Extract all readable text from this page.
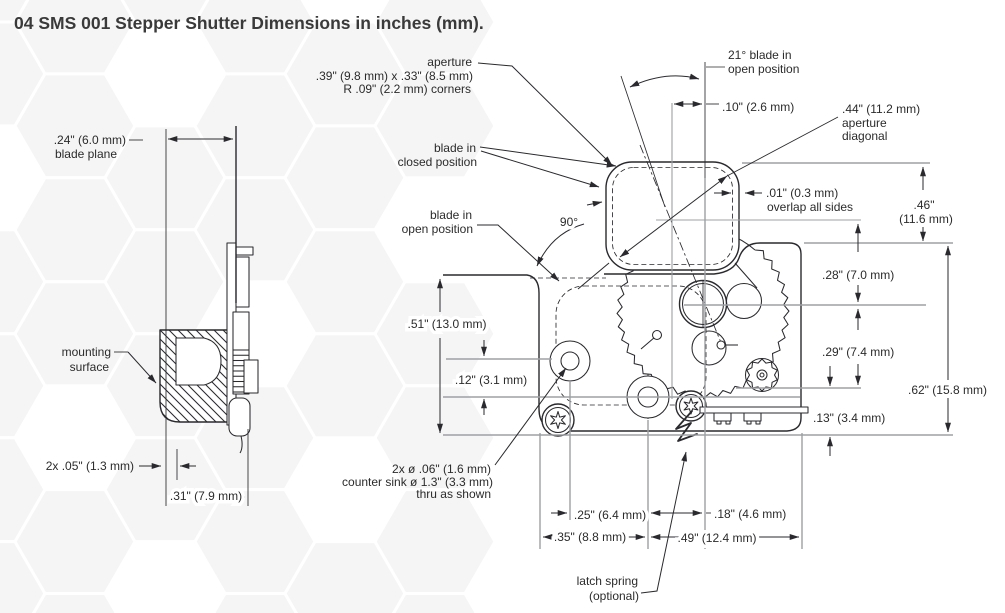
04 SMS 001 Stepper Shutter Dimensions in inches (mm).
.24" (6.0 mm)
blade plane
mounting
surface
2x .05" (1.3 mm)
.31" (7.9 mm)
aperture
.39" (9.8 mm) x .33" (8.5 mm)
R .09" (2.2 mm) corners
21° blade in
open position
.10" (2.6 mm)	.44" (11.2 mm)
aperture
diagonal
blade in
closed position
blade in
open position	90°
.01" (0.3 mm)
overlap all sides	.46"
(11.6 mm)
.28" (7.0 mm)
.29" (7.4 mm)
.62" (15.8 mm)
.13" (3.4 mm)
.51" (13.0 mm)
.12" (3.1 mm)
2x ø .06" (1.6 mm)
counter sink ø 1.3" (3.3 mm)
thru as shown
.25" (6.4 mm)	.18" (4.6 mm)
.35" (8.8 mm)	.49" (12.4 mm)
latch spring
(optional)
